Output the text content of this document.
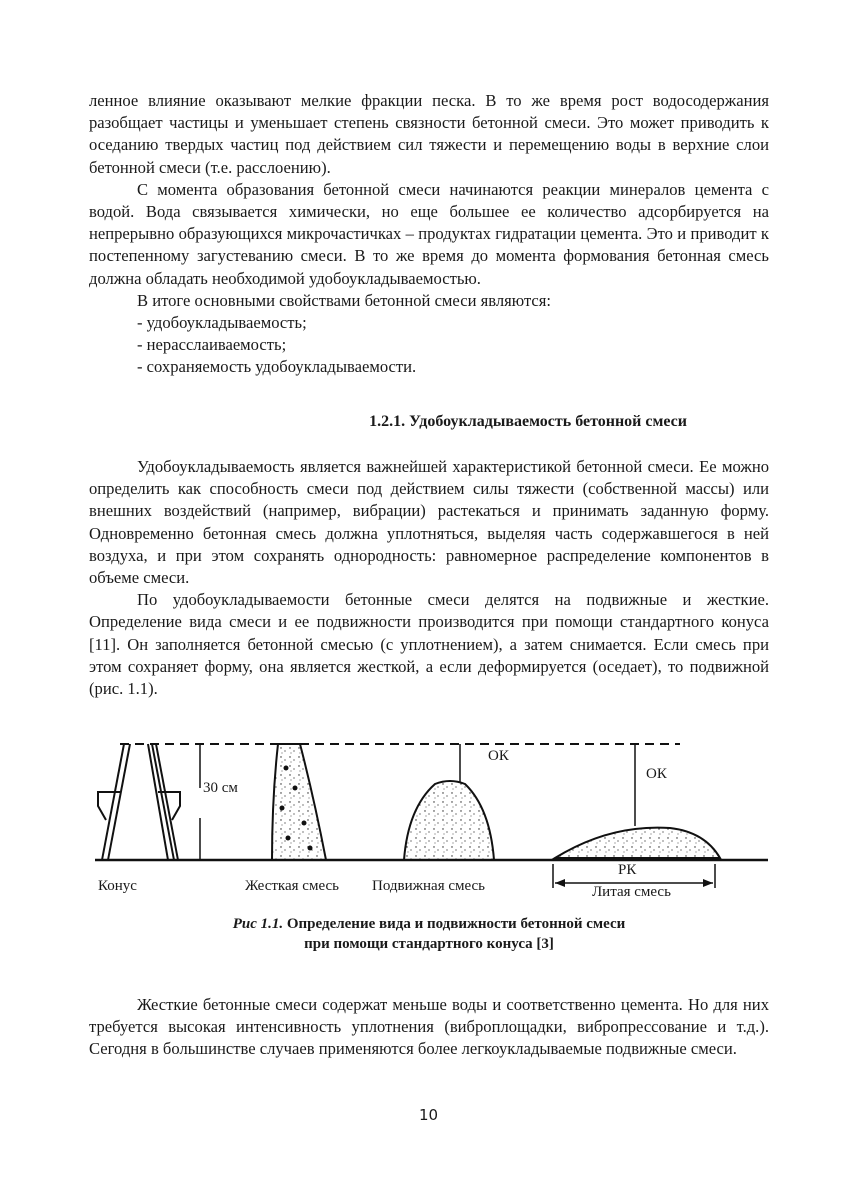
ленное влияние оказывают мелкие фракции песка. В то же время рост водосодержания разобщает частицы и уменьшает степень связности бетонной смеси. Это может приводить к оседанию твердых частиц под действием сил тяжести и перемещению воды в верхние слои бетонной смеси (т.е. расслоению).

С момента образования бетонной смеси начинаются реакции минералов цемента с водой. Вода связывается химически, но еще большее ее количество адсорбируется на непрерывно образующихся микрочастичках – продуктах гидратации цемента. Это и приводит к постепенному загустеванию смеси. В то же время до момента формования бетонная смесь должна обладать необходимой удобоукладываемостью.

В итоге основными свойствами бетонной смеси являются:

- удобоукладываемость;

- нерасслаиваемость;

- сохраняемость удобоукладываемости.

1.2.1. Удобоукладываемость бетонной смеси

Удобоукладываемость является важнейшей характеристикой бетонной смеси. Ее можно определить как способность смеси под действием силы тяжести (собственной массы) или внешних воздействий (например, вибрации) растекаться и принимать заданную форму. Одновременно бетонная смесь должна уплотняться, выделяя часть содержавшегося в ней воздуха, и при этом сохранять однородность: равномерное распределение компонентов в объеме смеси.

По удобоукладываемости бетонные смеси делятся на подвижные и жесткие. Определение вида смеси и ее подвижности производится при помощи стандартного конуса [11]. Он заполняется бетонной смесью (с уплотнением), а затем снимается. Если смесь при этом сохраняет форму, она является жесткой, а если деформируется (оседает), то подвижной (рис. 1.1).

Конус
30 см
Жесткая смесь Подвижная смесь
ОК
ОК
РК
Литая смесь
Рис 1.1. Определение вида и подвижности бетонной смеси
при помощи стандартного конуса [3]

Жесткие бетонные смеси содержат меньше воды и соответственно цемента. Но для них требуется высокая интенсивность уплотнения (виброплощадки, вибропрессование и т.д.). Сегодня в большинстве случаев применяются более легкоукладываемые подвижные смеси.

10
